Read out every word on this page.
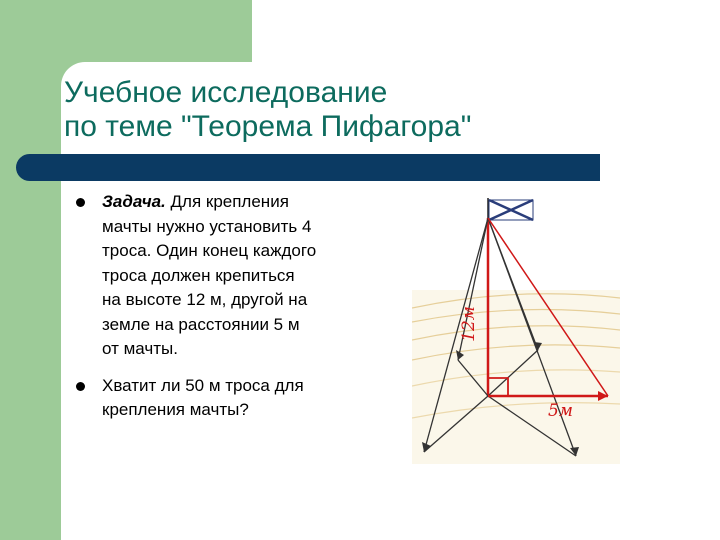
Учебное исследование
по теме "Теорема Пифагора"
Задача. Для крепления
мачты нужно установить 4
троса. Один конец каждого
троса должен крепиться
на высоте 12 м, другой на
земле на расстоянии 5 м
от мачты.
Хватит ли 50 м троса для
крепления мачты?
12м
5м
